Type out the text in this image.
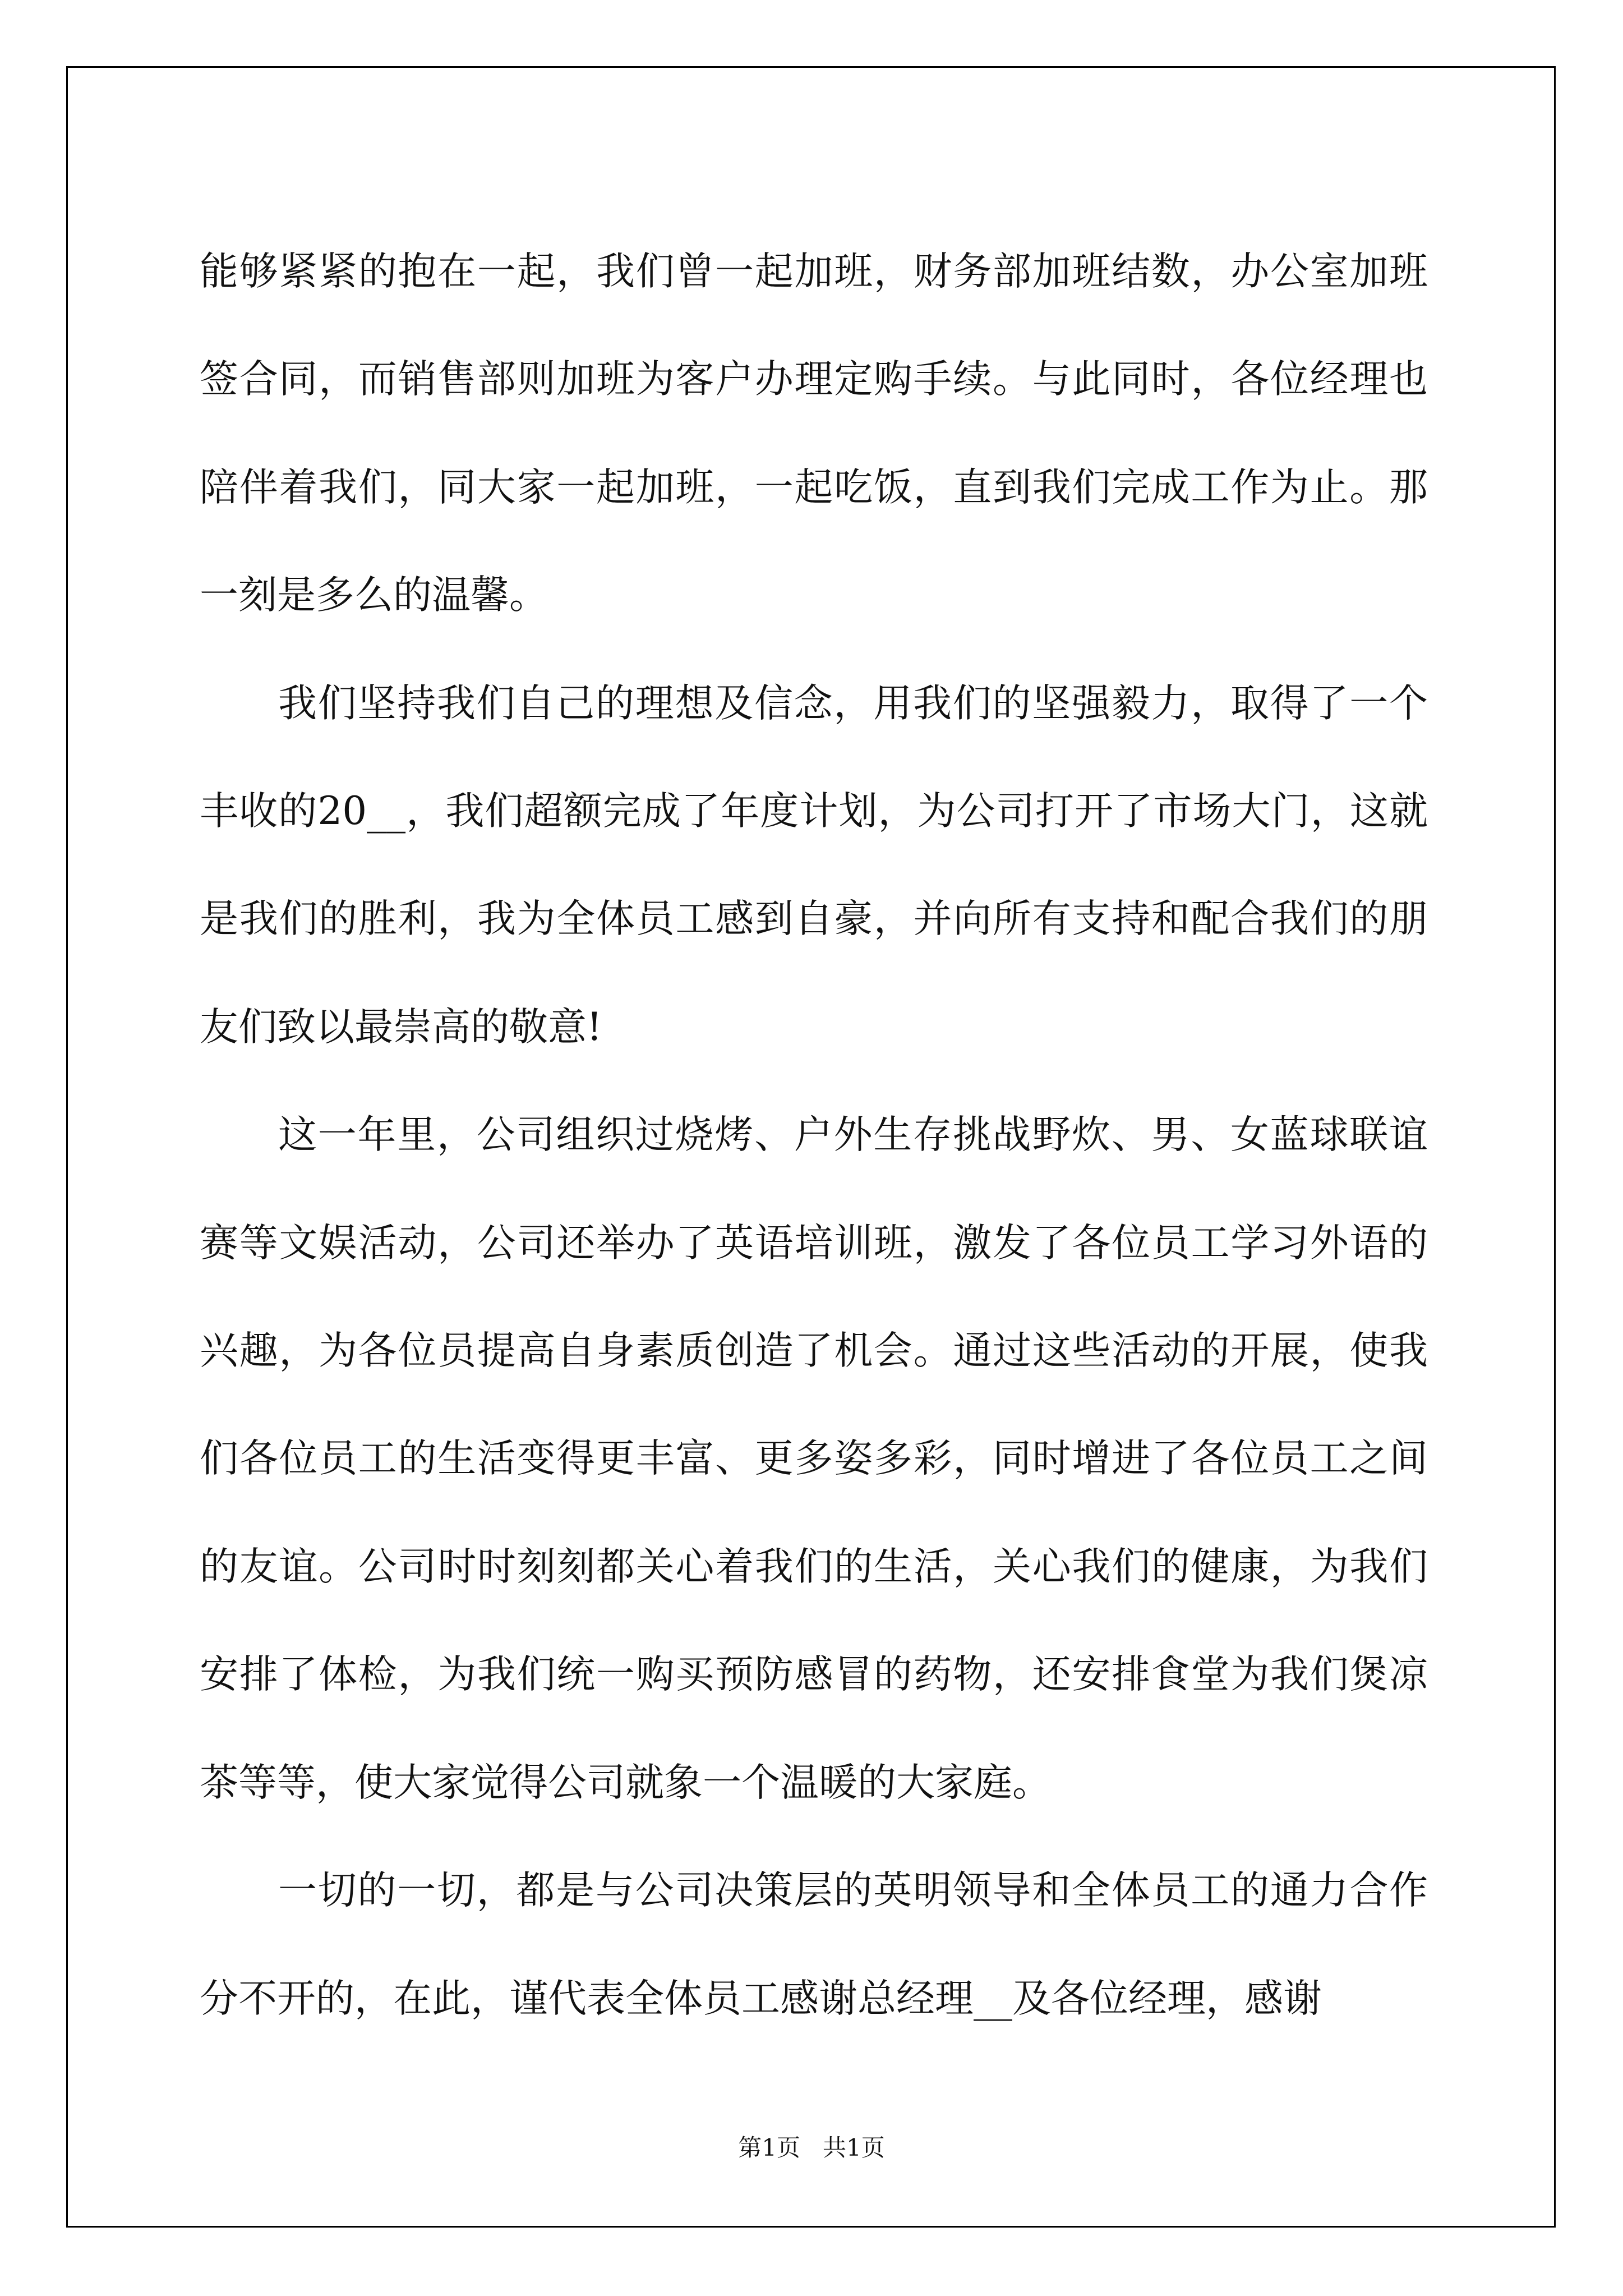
能够紧紧的抱在一起，我们曾一起加班，财务部加班结数，办公室加班签合同，而销售部则加班为客户办理定购手续。与此同时，各位经理也陪伴着我们，同大家一起加班，一起吃饭，直到我们完成工作为止。那一刻是多么的温馨。

我们坚持我们自己的理想及信念，用我们的坚强毅力，取得了一个丰收的20__，我们超额完成了年度计划，为公司打开了市场大门，这就是我们的胜利，我为全体员工感到自豪，并向所有支持和配合我们的朋友们致以最崇高的敬意!

这一年里，公司组织过烧烤、户外生存挑战野炊、男、女蓝球联谊赛等文娱活动，公司还举办了英语培训班，激发了各位员工学习外语的兴趣，为各位员提高自身素质创造了机会。通过这些活动的开展，使我们各位员工的生活变得更丰富、更多姿多彩，同时增进了各位员工之间的友谊。公司时时刻刻都关心着我们的生活，关心我们的健康，为我们安排了体检，为我们统一购买预防感冒的药物，还安排食堂为我们煲凉茶等等，使大家觉得公司就象一个温暖的大家庭。

一切的一切，都是与公司决策层的英明领导和全体员工的通力合作分不开的，在此，谨代表全体员工感谢总经理__及各位经理，感谢

第1页   共1页
